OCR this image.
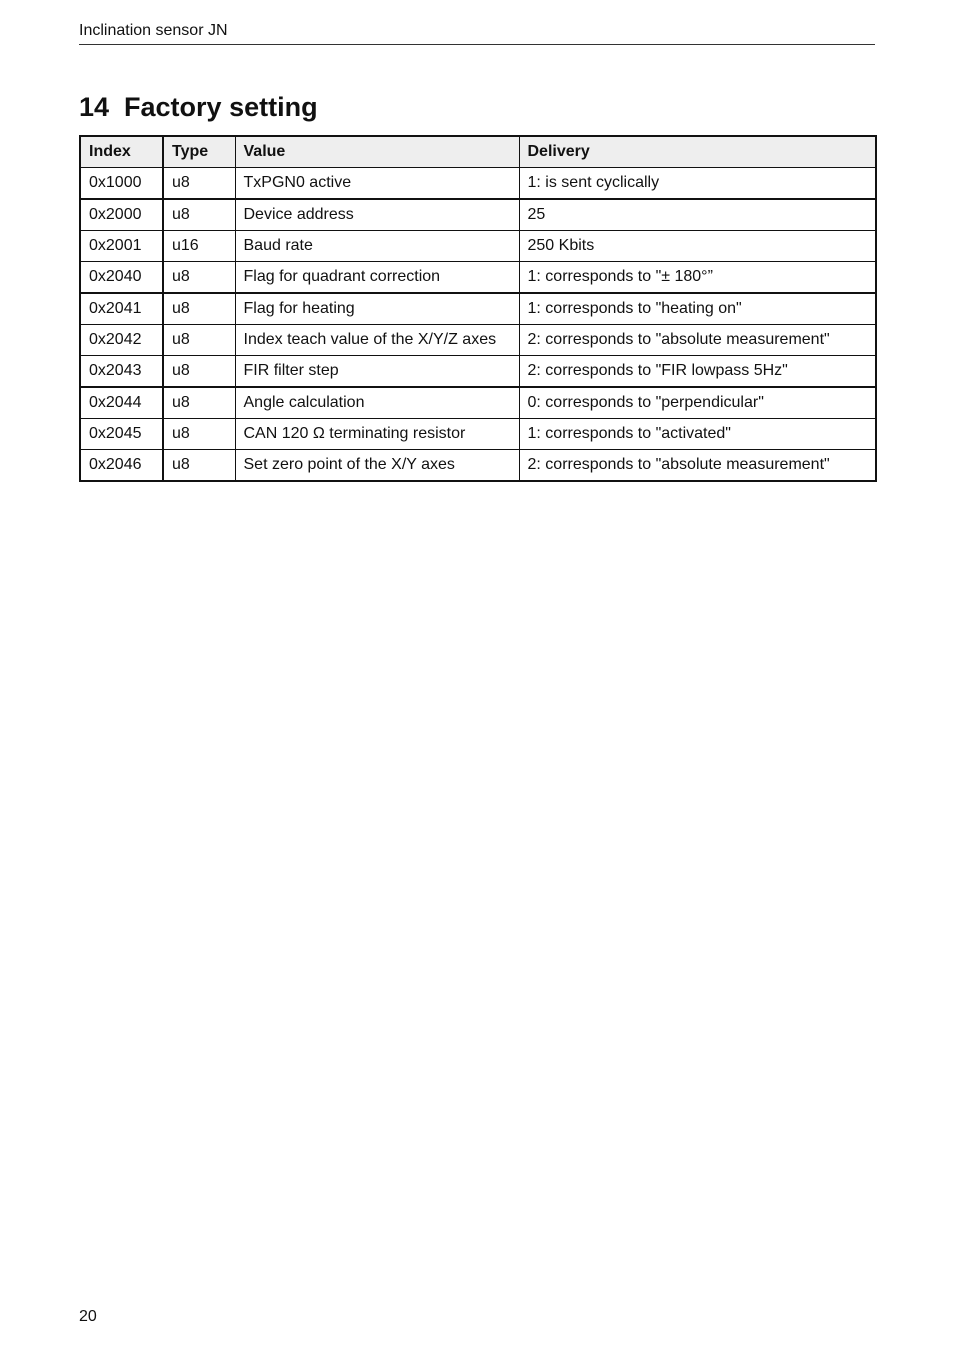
Inclination sensor JN
14  Factory setting
Index	Type	Value	Delivery
0x1000	u8	TxPGN0 active	1: is sent cyclically
0x2000	u8	Device address	25
0x2001	u16	Baud rate	250 Kbits
0x2040	u8	Flag for quadrant correction	1: corresponds to "± 180°”
0x2041	u8	Flag for heating	1: corresponds to "heating on"
0x2042	u8	Index teach value of the X/Y/Z axes	2: corresponds to "absolute measurement"
0x2043	u8	FIR filter step	2: corresponds to "FIR lowpass 5Hz"
0x2044	u8	Angle calculation	0: corresponds to "perpendicular"
0x2045	u8	CAN 120 Ω terminating resistor	1: corresponds to "activated"
0x2046	u8	Set zero point of the X/Y axes	2: corresponds to "absolute measurement"
20
